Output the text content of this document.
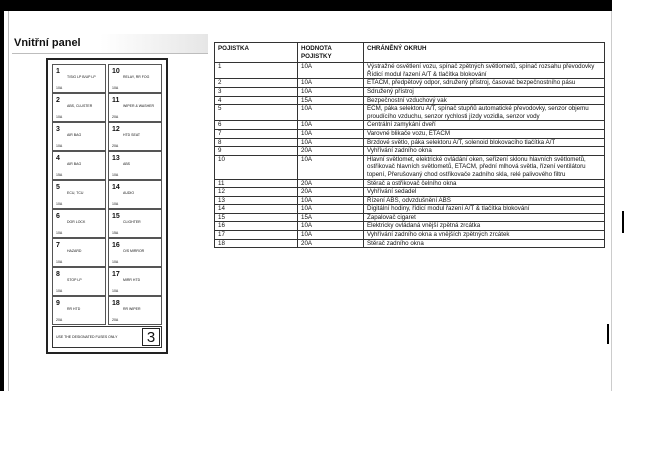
Vnitřní panel
1
10A
T/SIG LP B/UP LP
10
10A
RELAY, RR FOG
2
10A
ABS, CLUSTER
11
20A
WIPER & WASHER
3
10A
AIR BAG
12
20A
HTD SEAT
4
15A
AIR BAG
13
10A
ABS
5
10A
ECU, TCU
14
10A
AUDIO
6
10A
DOR LOCK
15
15A
CLIGHTER
7
10A
HAZARD
16
10A
O/S MIRROR
8
10A
STOP LP
17
10A
MIRR HTD
9
20A
RR HTD
18
20A
RR WIPER
USE THE DESIGNATED FUSES ONLY	3
POJISTKA	HODNOTA POJISTKY	CHRÁNĚNÝ OKRUH
1	10A	Výstražné osvětlení vozu, spínač zpětných světlometů, spínač rozsahu převodovky Řídicí modul řazení A/T & tlačítka blokování
2	10A	ETACM, předpětový odpor, sdružený přístroj, časovač bezpečnostního pásu
3	10A	Sdružený přístroj
4	15A	Bezpečnostní vzduchový vak
5	10A	ECM, páka selektoru A/T, spínač stupňů automatické převodovky, senzor objemu proudícího vzduchu, senzor rychlosti jízdy vozidla, senzor vody
6	10A	Centrální zamykání dveří
7	10A	Varovné blikače vozu, ETACM
8	10A	Brzdové světlo, páka selektoru A/T, solenoid blokovacího tlačítka A/T
9	20A	Vyhřívání zadního okna
10	10A	Hlavní světlomet, elektrické ovládání oken, seřízení sklonu hlavních světlometů, ostřikovač hlavních světlometů, ETACM, přední mlhová světla, řízení ventilátoru topení, Přerušovaný chod ostřikovače zadního skla, relé palivového filtru
11	20A	Stěrač a ostřikovač čelního okna
12	20A	Vyhřívání sedadel
13	10A	Řízení ABS, odvzdušnění ABS
14	10A	Digitální hodiny, řídicí modul řazení A/T & tlačítka blokování
15	15A	Zapalovač cigaret
16	10A	Elektricky ovládaná vnější zpětná zrcátka
17	10A	Vyhřívání zadního okna a vnějších zpětných zrcátek
18	20A	Stěrač zadního okna
